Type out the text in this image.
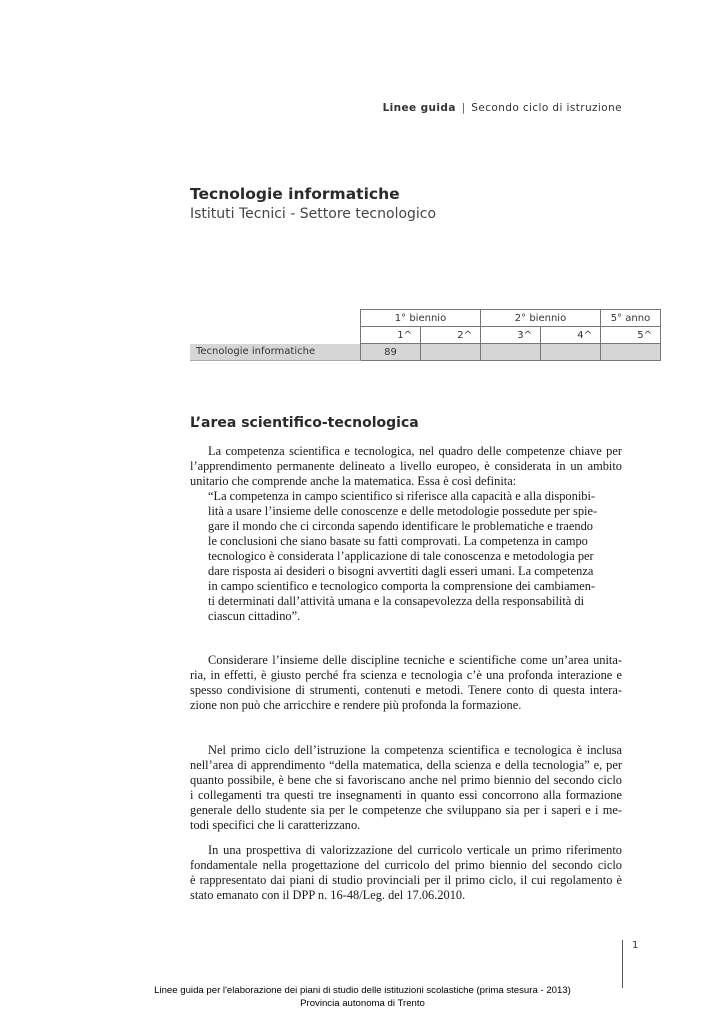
Linee guida | Secondo ciclo di istruzione
Tecnologie informatiche
Istituti Tecnici - Settore tecnologico
	1° biennio		2° biennio		5° anno
	1^	2^	3^	4^	5^
Tecnologie informatiche	89				
L’area scientifico-tecnologica
La competenza scientifica e tecnologica, nel quadro delle competenze chiave per
l’apprendimento permanente delineato a livello europeo, è considerata in un ambito
unitario che comprende anche la matematica. Essa è così definita:
“La competenza in campo scientifico si riferisce alla capacità e alla disponibi-
lità a usare l’insieme delle conoscenze e delle metodologie possedute per spie-
gare il mondo che ci circonda sapendo identificare le problematiche e traendo
le conclusioni che siano basate su fatti comprovati. La competenza in campo
tecnologico è considerata l’applicazione di tale conoscenza e metodologia per
dare risposta ai desideri o bisogni avvertiti dagli esseri umani. La competenza
in campo scientifico e tecnologico comporta la comprensione dei cambiamen-
ti determinati dall’attività umana e la consapevolezza della responsabilità di
ciascun cittadino”.
Considerare l’insieme delle discipline tecniche e scientifiche come un’area unita-
ria, in effetti, è giusto perché fra scienza e tecnologia c’è una profonda interazione e
spesso condivisione di strumenti, contenuti e metodi. Tenere conto di questa intera-
zione non può che arricchire e rendere più profonda la formazione.
Nel primo ciclo dell’istruzione la competenza scientifica e tecnologica è inclusa
nell’area di apprendimento “della matematica, della scienza e della tecnologia” e, per
quanto possibile, è bene che si favoriscano anche nel primo biennio del secondo ciclo
i collegamenti tra questi tre insegnamenti in quanto essi concorrono alla formazione
generale dello studente sia per le competenze che sviluppano sia per i saperi e i me-
todi specifici che li caratterizzano.
In una prospettiva di valorizzazione del curricolo verticale un primo riferimento
fondamentale nella progettazione del curricolo del primo biennio del secondo ciclo
è rappresentato dai piani di studio provinciali per il primo ciclo, il cui regolamento è
stato emanato con il DPP n. 16-48/Leg. del 17.06.2010.
1
Linee guida per l'elaborazione dei piani di studio delle istituzioni scolastiche (prima stesura - 2013)
Provincia autonoma di Trento
